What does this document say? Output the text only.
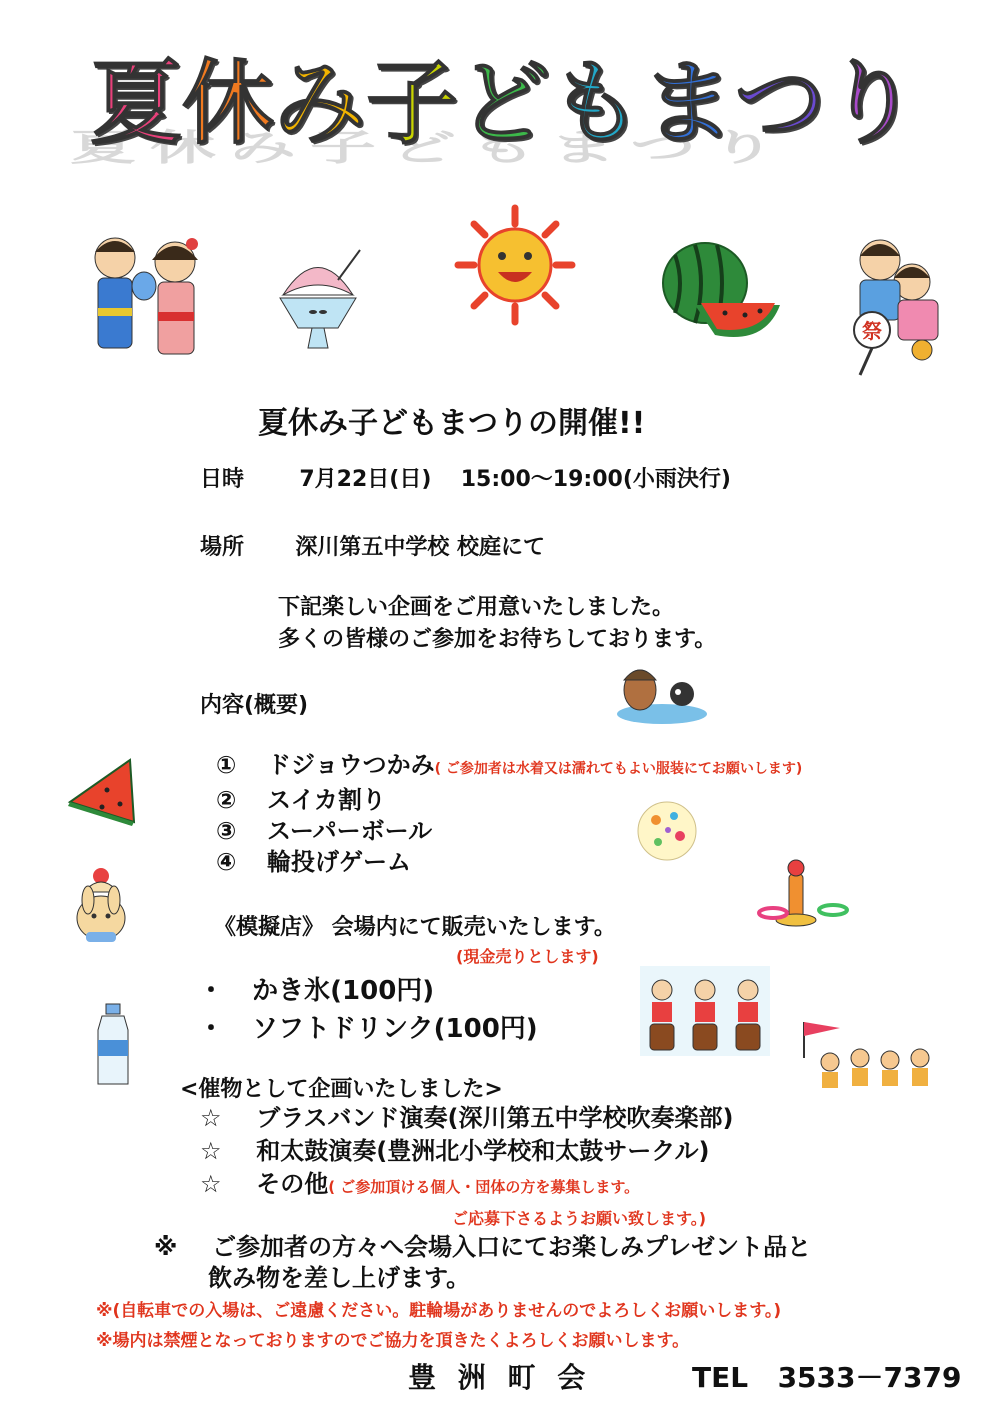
夏休み子どもまつり
夏休み子どもまつり
祭
夏休み子どもまつりの開催!!
日時	7月22日(日) 15:00～19:00(小雨決行)
場所 深川第五中学校 校庭にて
下記楽しい企画をご用意いたしました。
多くの皆様のご参加をお待ちしております。
内容(概要)
① ドジョウつかみ( ご参加者は水着又は濡れてもよい服装にてお願いします)
② スイカ割り
③ スーパーボール
④ 輪投げゲーム
《模擬店》 会場内にて販売いたします。
(現金売りとします)
・ かき氷(100円)
・ ソフトドリンク(100円)
<催物として企画いたしました>
☆ ブラスバンド演奏(深川第五中学校吹奏楽部)
☆ 和太鼓演奏(豊洲北小学校和太鼓サークル)
☆ その他( ご参加頂ける個人・団体の方を募集します。
ご応募下さるようお願い致します。)
※ ご参加者の方々へ会場入口にてお楽しみプレゼント品と
飲み物を差し上げます。
※(自転車での入場は、ご遠慮ください。駐輪場がありませんのでよろしくお願いします。)
※場内は禁煙となっておりますのでご協力を頂きたくよろしくお願いします。
豊 洲 町 会	TEL 3533－7379
